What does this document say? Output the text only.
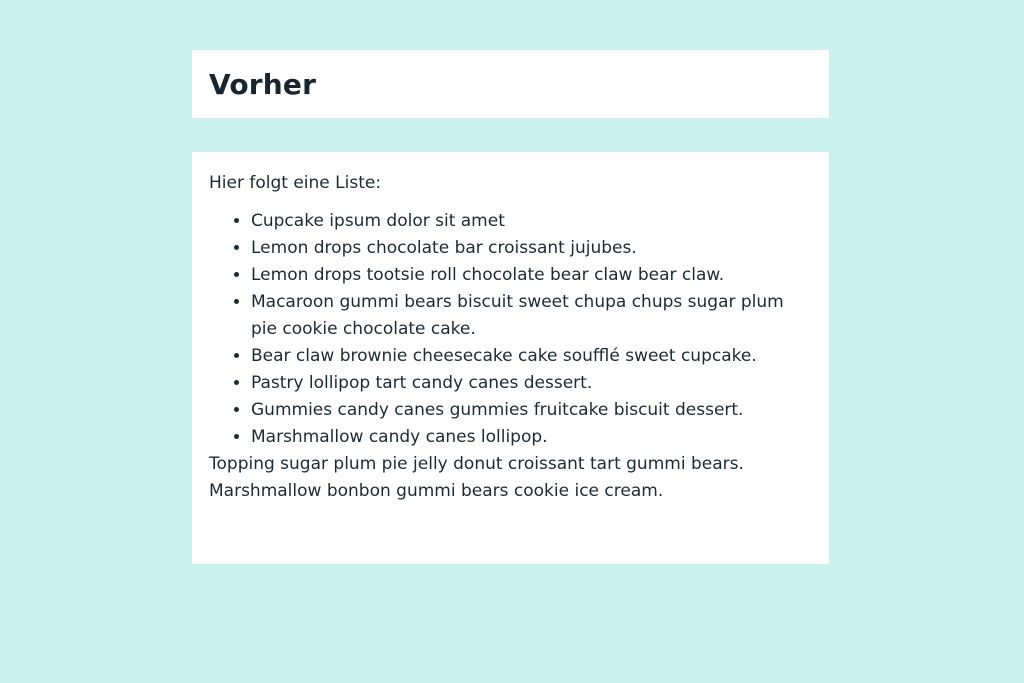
Vorher

Hier folgt eine Liste:

• Cupcake ipsum dolor sit amet
• Lemon drops chocolate bar croissant jujubes.
• Lemon drops tootsie roll chocolate bear claw bear claw.
• Macaroon gummi bears biscuit sweet chupa chups sugar plum pie cookie chocolate cake.
• Bear claw brownie cheesecake cake soufflé sweet cupcake.
• Pastry lollipop tart candy canes dessert.
• Gummies candy canes gummies fruitcake biscuit dessert.
• Marshmallow candy canes lollipop.

Topping sugar plum pie jelly donut croissant tart gummi bears.
Marshmallow bonbon gummi bears cookie ice cream.
